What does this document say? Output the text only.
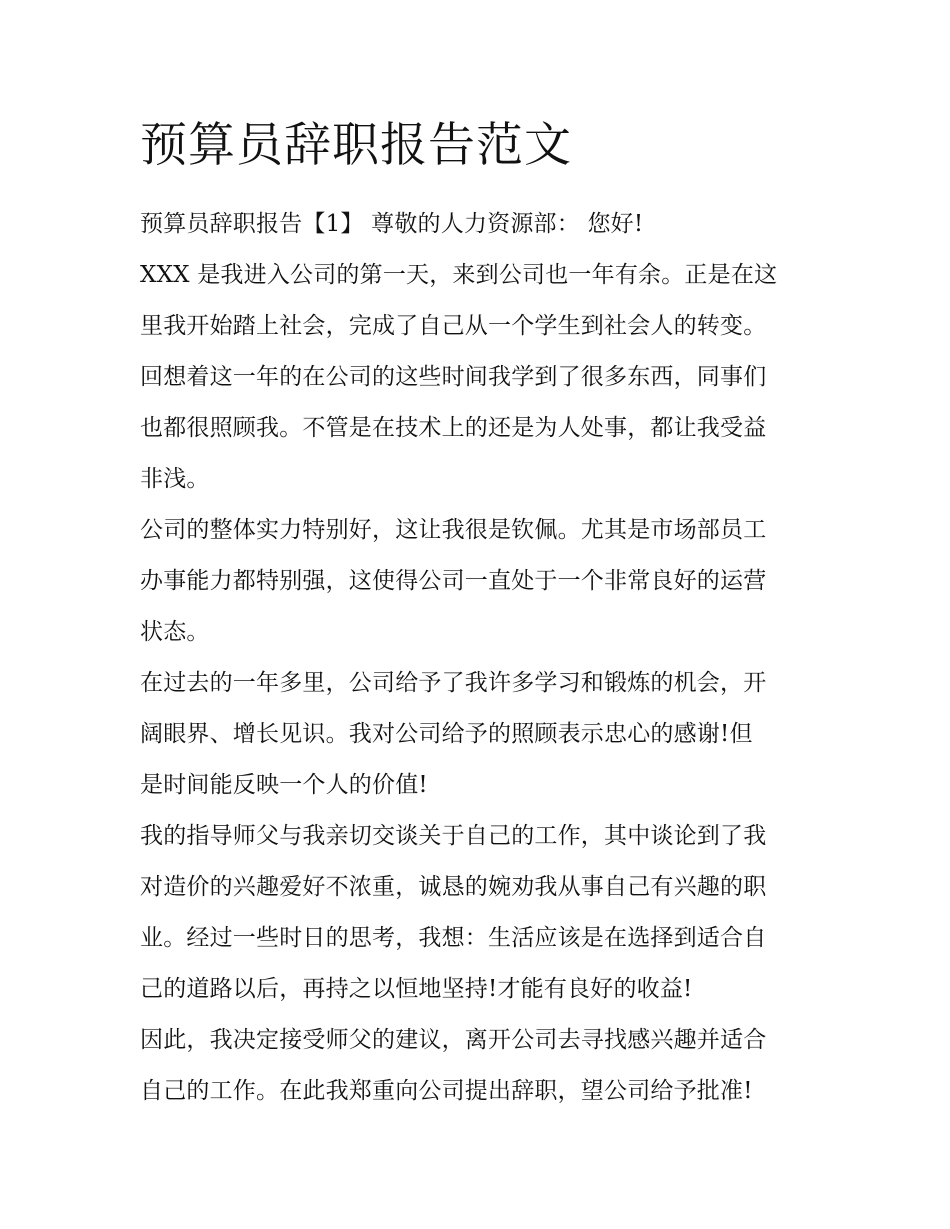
预算员辞职报告范文
预算员辞职报告【1】 尊敬的人力资源部： 您好!
XXX 是我进入公司的第一天，来到公司也一年有余。正是在这
里我开始踏上社会，完成了自己从一个学生到社会人的转变。
回想着这一年的在公司的这些时间我学到了很多东西，同事们
也都很照顾我。不管是在技术上的还是为人处事，都让我受益
非浅。
公司的整体实力特别好，这让我很是钦佩。尤其是市场部员工
办事能力都特别强，这使得公司一直处于一个非常良好的运营
状态。
在过去的一年多里，公司给予了我许多学习和锻炼的机会，开
阔眼界、增长见识。我对公司给予的照顾表示忠心的感谢!但
是时间能反映一个人的价值!
我的指导师父与我亲切交谈关于自己的工作，其中谈论到了我
对造价的兴趣爱好不浓重，诚恳的婉劝我从事自己有兴趣的职
业。经过一些时日的思考，我想：生活应该是在选择到适合自
己的道路以后，再持之以恒地坚持!才能有良好的收益!
因此，我决定接受师父的建议，离开公司去寻找感兴趣并适合
自己的工作。在此我郑重向公司提出辞职，望公司给予批准!
